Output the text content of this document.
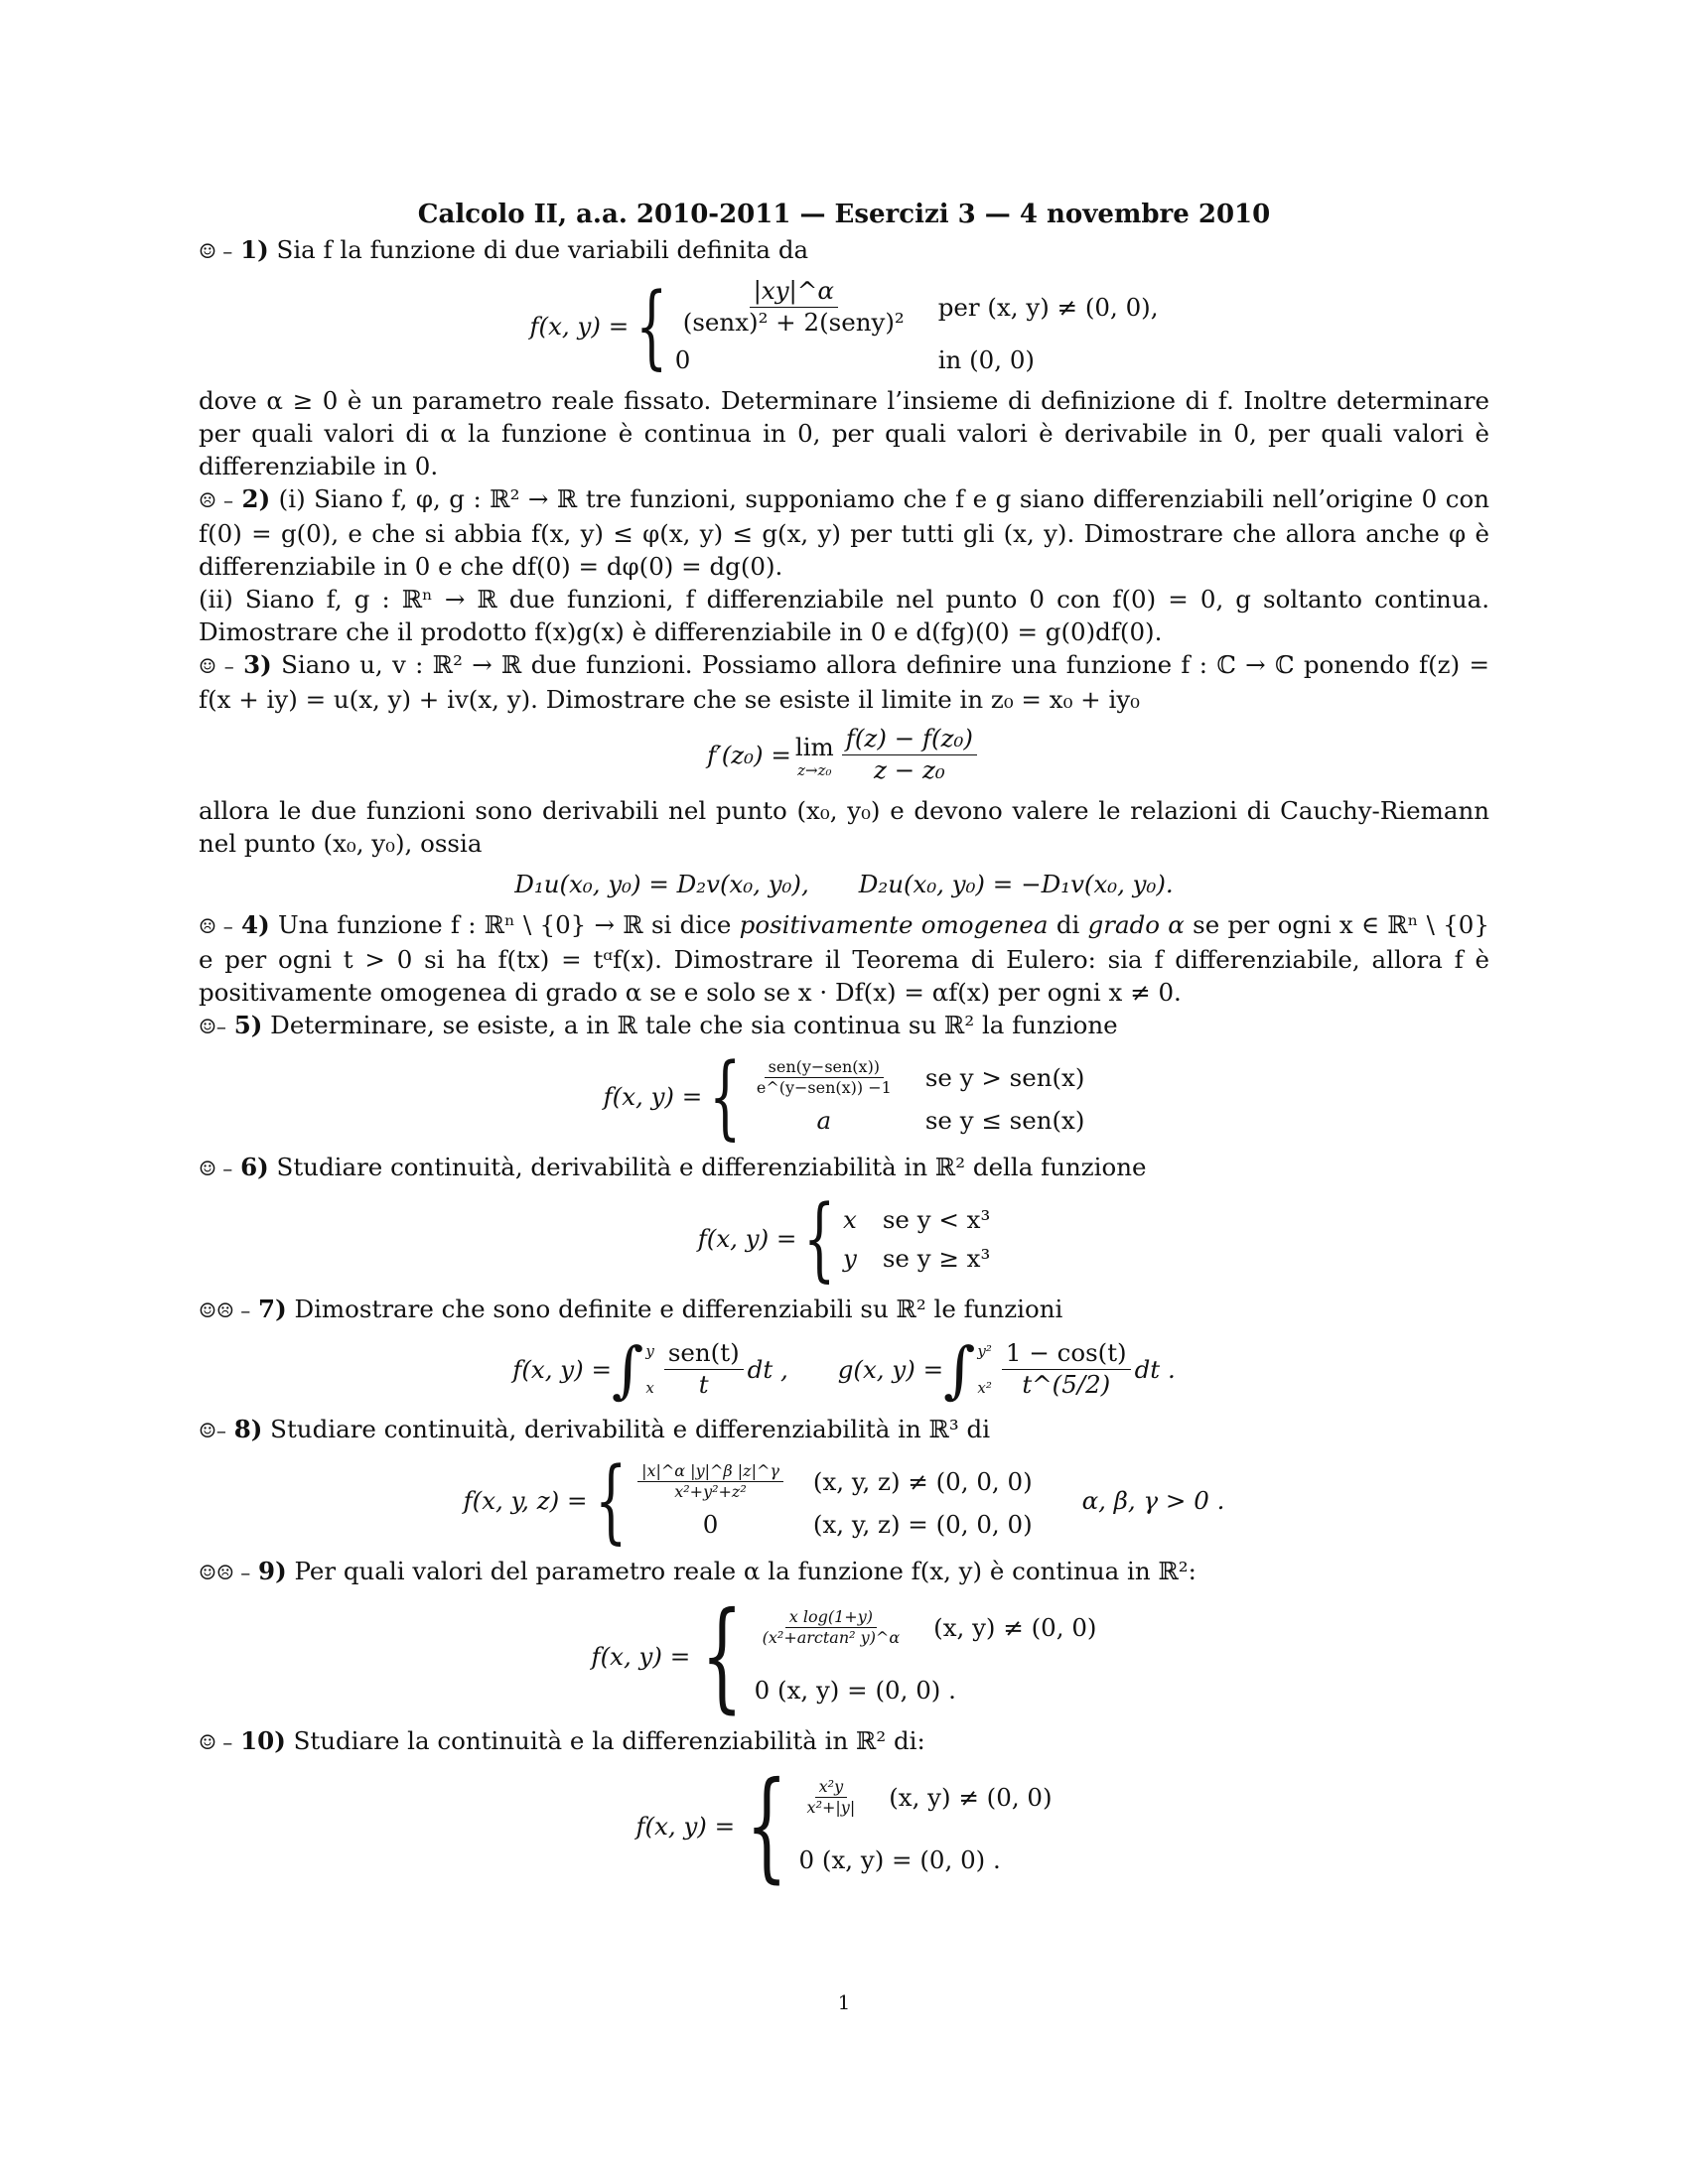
Calcolo II, a.a. 2010-2011 — Esercizi 3 — 4 novembre 2010

☺ – 1) Sia f la funzione di due variabili definita da

f(x, y) = { $\frac{|xy|\^{}\alpha}{\text{(senx)² + 2(seny)²}}$ per (x, y) ≠ (0, 0),
0	in (0, 0)

dove α ≥ 0 è un parametro reale fissato. Determinare l’insieme di definizione di f. Inoltre determinare per quali valori di α la funzione è continua in 0, per quali valori è derivabile in 0, per quali valori è differenziabile in 0.

☹ – 2) (i) Siano f, φ, g : ℝ² → ℝ tre funzioni, supponiamo che f e g siano differenziabili nell’origine 0 con f(0) = g(0), e che si abbia f(x, y) ≤ φ(x, y) ≤ g(x, y) per tutti gli (x, y). Dimostrare che allora anche φ è differenziabile in 0 e che df(0) = dφ(0) = dg(0).

(ii) Siano f, g : ℝⁿ → ℝ due funzioni, f differenziabile nel punto 0 con f(0) = 0, g soltanto continua. Dimostrare che il prodotto f(x)g(x) è differenziabile in 0 e d(fg)(0) = g(0)df(0).

☺ – 3) Siano u, v : ℝ² → ℝ due funzioni. Possiamo allora definire una funzione f : ℂ → ℂ ponendo f(z) = f(x + iy) = u(x, y) + iv(x, y). Dimostrare che se esiste il limite in z₀ = x₀ + iy₀

f′(z₀) = lim
$z\to z_0 \frac{\text{f(z) − f(z₀)}}{\text{z − z₀}}$

allora le due funzioni sono derivabili nel punto (x₀, y₀) e devono valere le relazioni di Cauchy-Riemann nel punto (x₀, y₀), ossia

D₁u(x₀, y₀) = D₂v(x₀, y₀), D₂u(x₀, y₀) = −D₁v(x₀, y₀).

☹ – 4) Una funzione f : ℝⁿ \ {0} → ℝ si dice positivamente omogenea di grado α se per ogni x ∈ ℝⁿ \ {0} e per ogni t > 0 si ha f(tx) = tᵅf(x). Dimostrare il Teorema di Eulero: sia f differenziabile, allora f è positivamente omogenea di grado α se e solo se x · Df(x) = αf(x) per ogni x ≠ 0.

☺– 5) Determinare, se esiste, a in ℝ tale che sia continua su ℝ² la funzione

f(x, y) = { $\frac{\text{sen(y−sen(x))}}{\text{e\textasciicircum{}(y−sen(x)) −1}}$ se y > sen(x)
a	se y ≤ sen(x)

☺ – 6) Studiare continuità, derivabilità e differenziabilità in ℝ² della funzione

f(x, y) = { x se y < x³
y se y ≥ x³

☺☹ – 7) Dimostrare che sono definite e differenziabili su ℝ² le funzioni

f(x, y) = ∫ y
x $\frac{\text{sen(t)}}{t}$ dt , g(x, y) = ∫ y²
$x^2 \frac{1 - \cos(t)}{t\^{}(5/2)}$ dt .

☺– 8) Studiare continuità, derivabilità e differenziabilità in ℝ³ di

f(x, y, z) = { $\frac{|x|\^{}\alpha |y|\^{}\beta |z|\^{}\gamma}{\text{x²+y²+z²}} (x$, y, z) ≠ (0, 0, 0)
0	(x, y, z) = (0, 0, 0)
α, β, γ > 0 .

☺☹ – 9) Per quali valori del parametro reale α la funzione f(x, y) è continua in ℝ²:

f(x, y) = { $\frac{\text{x log(1+y)}}{\text{(x²+arctan² y)\textasciicircum{}α}} (x$, y) ≠ (0, 0)
0 (x, y) = (0, 0) .

☺ – 10) Studiare la continuità e la differenziabilità in ℝ² di:

f(x, y) = { $\frac{\text{x²y}}{\text{x²+|y|}} (x$, y) ≠ (0, 0)
0 (x, y) = (0, 0) .
1
